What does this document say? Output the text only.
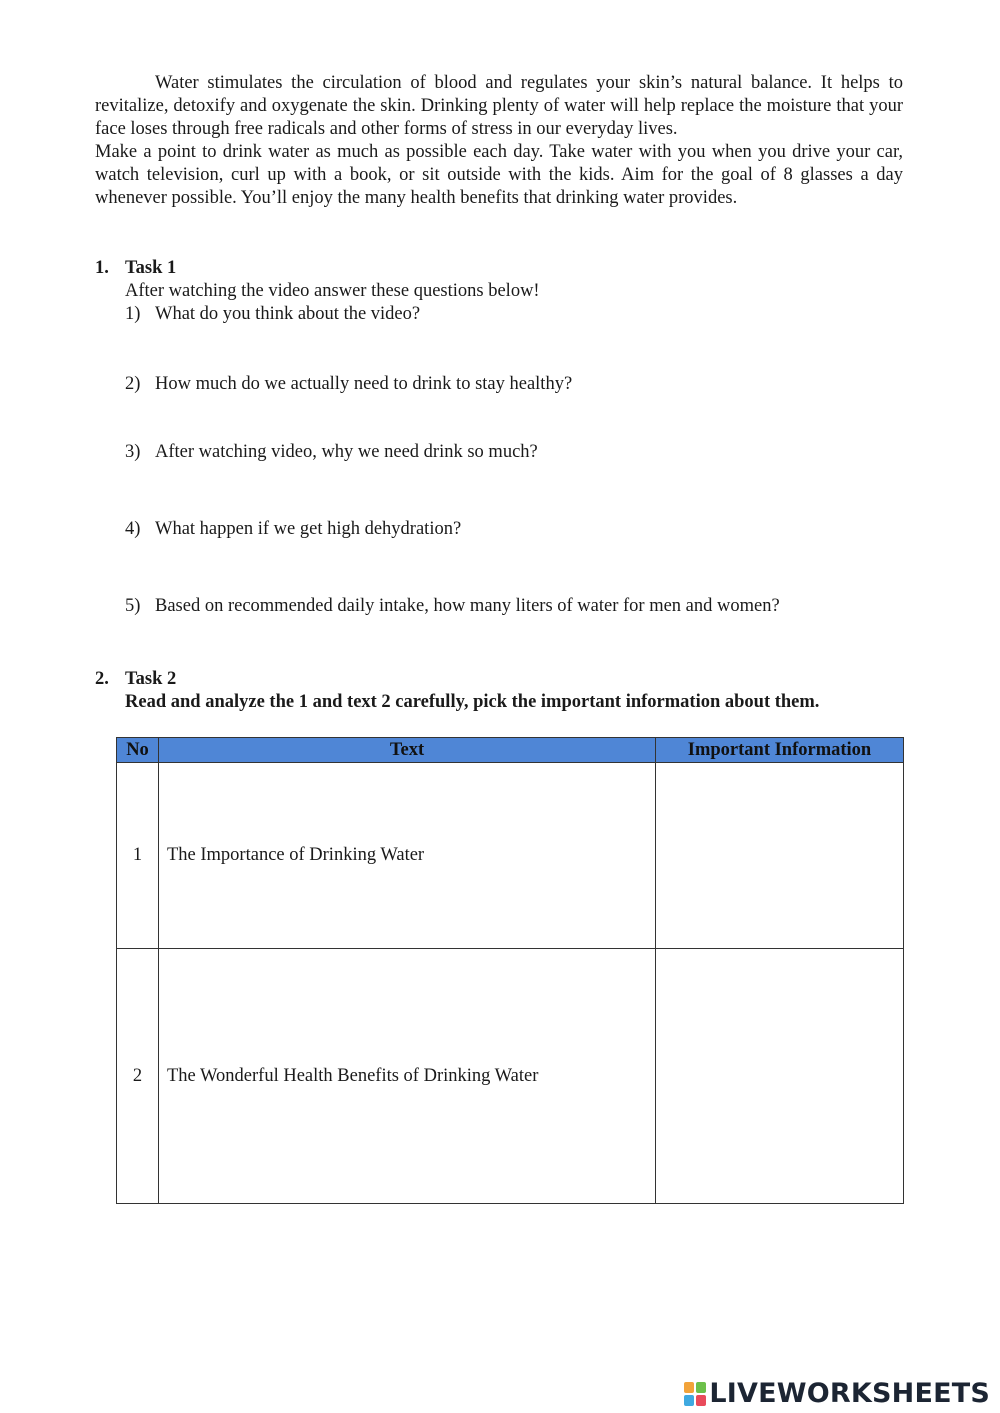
Water stimulates the circulation of blood and regulates your skin’s natural balance. It helps to revitalize, detoxify and oxygenate the skin. Drinking plenty of water will help replace the moisture that your face loses through free radicals and other forms of stress in our everyday lives.

Make a point to drink water as much as possible each day. Take water with you when you drive your car, watch television, curl up with a book, or sit outside with the kids. Aim for the goal of 8 glasses a day whenever possible. You’ll enjoy the many health benefits that drinking water provides.

1. Task 1
After watching the video answer these questions below!
1) What do you think about the video?
2) How much do we actually need to drink to stay healthy?
3) After watching video, why we need drink so much?
4) What happen if we get high dehydration?
5) Based on recommended daily intake, how many liters of water for men and women?
2. Task 2
Read and analyze the 1 and text 2 carefully, pick the important information about them.
No	Text	Important Information
1	The Importance of Drinking Water	
2	The Wonderful Health Benefits of Drinking Water	
LIVEWORKSHEETS
